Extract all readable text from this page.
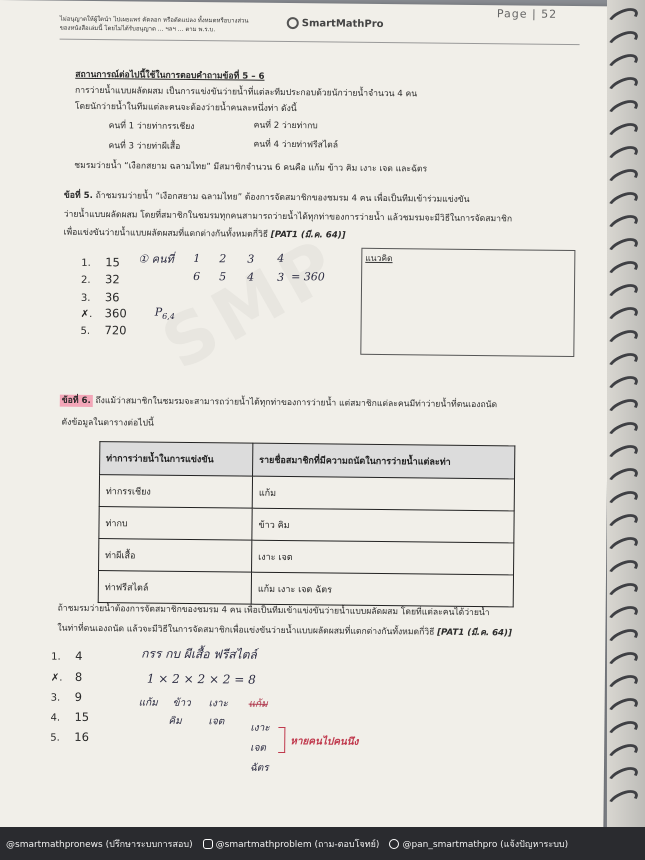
ไม่อนุญาตให้ผู้ใดนำ ไปเผยแพร่ คัดลอก หรือดัดแปลง ทั้งหมดหรือบางส่วน
ของหนังสือเล่มนี้ โดยไม่ได้รับอนุญาต ... ฯลฯ ... ตาม พ.ร.บ.	SmartMathPro
Page | 52
สถานการณ์ต่อไปนี้ใช้ในการตอบคำถามข้อที่ 5 – 6
การว่ายน้ำแบบผลัดผสม เป็นการแข่งขันว่ายน้ำที่แต่ละทีมประกอบด้วยนักว่ายน้ำจำนวน 4 คน
โดยนักว่ายน้ำในทีมแต่ละคนจะต้องว่ายน้ำคนละหนึ่งท่า ดังนี้
คนที่ 1 ว่ายท่ากรรเชียง	คนที่ 2 ว่ายท่ากบ
คนที่ 3 ว่ายท่าผีเสื้อ	คนที่ 4 ว่ายท่าฟรีสไตล์
ชมรมว่ายน้ำ “เงือกสยาม ฉลามไทย” มีสมาชิกจำนวน 6 คนคือ แก้ม ข้าว คิม เงาะ เจต และฉัตร
ข้อที่ 5. ถ้าชมรมว่ายน้ำ “เงือกสยาม ฉลามไทย” ต้องการจัดสมาชิกของชมรม 4 คน เพื่อเป็นทีมเข้าร่วมแข่งขัน
ว่ายน้ำแบบผลัดผสม โดยที่สมาชิกในชมรมทุกคนสามารถว่ายน้ำได้ทุกท่าของการว่ายน้ำ แล้วชมรมจะมีวิธีในการจัดสมาชิก
เพื่อแข่งขันว่ายน้ำแบบผลัดผสมที่แตกต่างกันทั้งหมดกี่วิธี [PAT1 (มี.ค. 64)]
1. 15
2. 32
3. 36
✗. 360
5. 720
① คนที่ 1 2 3 4
6 5 4 3 = 360
$P_{6,4}$
แนวคิด
ข้อที่ 6. ถึงแม้ว่าสมาชิกในชมรมจะสามารถว่ายน้ำได้ทุกท่าของการว่ายน้ำ แต่สมาชิกแต่ละคนมีท่าว่ายน้ำที่ตนเองถนัด
ดังข้อมูลในตารางต่อไปนี้
ท่าการว่ายน้ำในการแข่งขัน	รายชื่อสมาชิกที่มีความถนัดในการว่ายน้ำแต่ละท่า
ท่ากรรเชียง	แก้ม
ท่ากบ	ข้าว คิม
ท่าผีเสื้อ	เงาะ เจต
ท่าฟรีสไตล์	แก้ม เงาะ เจต ฉัตร
ถ้าชมรมว่ายน้ำต้องการจัดสมาชิกของชมรม 4 คน เพื่อเป็นทีมเข้าแข่งขันว่ายน้ำแบบผลัดผสม โดยที่แต่ละคนได้ว่ายน้ำ
ในท่าที่ตนเองถนัด แล้วจะมีวิธีในการจัดสมาชิกเพื่อแข่งขันว่ายน้ำแบบผลัดผสมที่แตกต่างกันทั้งหมดกี่วิธี [PAT1 (มี.ค. 64)]
1. 4
✗. 8
3. 9
4. 15
5. 16
กรร กบ ผีเสื้อ ฟรีสไตล์
1 × 2 × 2 × 2 = 8
แก้ม ข้าว เงาะ แก้ม
คิม	เจต
เงาะ
เจต
ฉัตร
หายคนไปคนนึง
@smartmathpronews (ปรึกษาระบบการสอบ)	@smartmathproblem (ถาม-ตอบโจทย์)	@pan_smartmathpro (แจ้งปัญหาระบบ)
